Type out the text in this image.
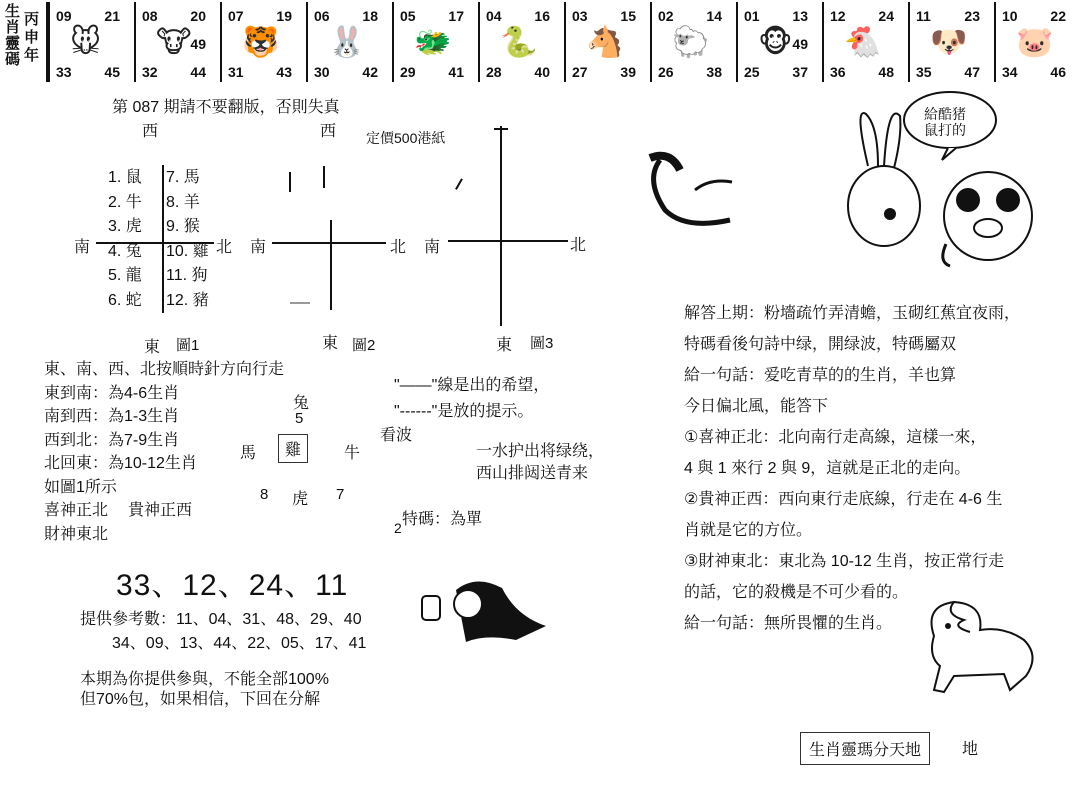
生
肖
靈
碼
丙
申
年
09 21
33 45
🐭
08 20
32 44
49
🐮
07 19
31 43
🐯
06 18
30 42
🐰
05 17
29 41
🐲
04 16
28 40
🐍
03 15
27 39
🐴
02 14
26 38
🐑
01 13
25 37
49
🐵
12 24
36 48
🐔
11 23
35 47
🐶
10 22
34 46
🐷
第 087 期請不要翻版，否則失真
定價500港紙
西
南	北
東 圖1
1. 鼠
2. 牛
3. 虎
4. 兔
5. 龍
6. 蛇
7. 馬
8. 羊
9. 猴
10. 雞
11. 狗
12. 豬
西
南	北
東 圖2
南	北
東 圖3
東、南、西、北按順時針方向行走
東到南：為4-6生肖
南到西：為1-3生肖
西到北：為7-9生肖
北回東：為10-12生肖
如圖1所示
喜神正北 貴神正西
財神東北
"——"線是出的希望，
"------"是放的提示。
看波
5
兔
馬	雞	牛
8 虎 7
一水护出将绿绕，
西山排闼送青来
特碼：為單
2
33、12、24、11
提供參考數：11、04、31、48、29、40
34、09、13、44、22、05、17、41
本期為你提供參與，不能全部100%
但70%包，如果相信，下回在分解
給酷猪
鼠打的
解答上期：粉墻疏竹弄清蟾，玉砌红蕉宜夜雨，
特碼看後句詩中绿，開绿波，特碼屬双
給一句話：爱吃青草的的生肖，羊也算
今日偏北風，能答下
①喜神正北：北向南行走高線，這樣一來，
4 與 1 來行 2 與 9，這就是正北的走向。
②貴神正西：西向東行走底線，行走在 4-6 生
肖就是它的方位。
③財神東北：東北為 10-12 生肖，按正常行走
的話，它的殺機是不可少看的。
給一句話：無所畏懼的生肖。
生肖靈瑪分天地	地
